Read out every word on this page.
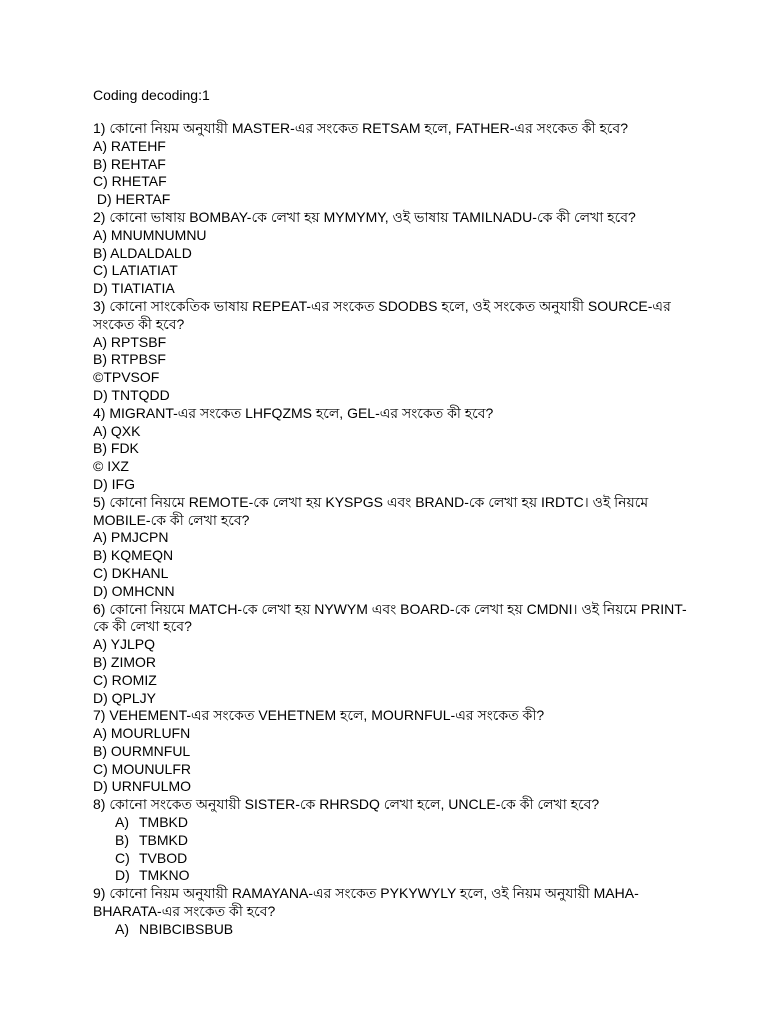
Coding decoding:1
1) কোনো নিয়ম অনুযায়ী MASTER-এর সংকেত RETSAM হলে, FATHER-এর সংকেত কী হবে?
A) RATEHF
B) REHTAF
C) RHETAF
D) HERTAF
2) কোনো ভাষায় BOMBAY-কে লেখা হয় MYMYMY, ওই ভাষায় TAMILNADU-কে কী লেখা হবে?
A) MNUMNUMNU
B) ALDALDALD
C) LATIATIAT
D) TIATIATIA
3) কোনো সাংকেতিক ভাষায় REPEAT-এর সংকেত SDODBS হলে, ওই সংকেত অনুযায়ী SOURCE-এর সংকেত কী হবে?
A) RPTSBF
B) RTPBSF
©TPVSOF
D) TNTQDD
4) MIGRANT-এর সংকেত LHFQZMS হলে, GEL-এর সংকেত কী হবে?
A) QXK
B) FDK
© IXZ
D) IFG
5) কোনো নিয়মে REMOTE-কে লেখা হয় KYSPGS এবং BRAND-কে লেখা হয় IRDTC। ওই নিয়মে MOBILE-কে কী লেখা হবে?
A) PMJCPN
B) KQMEQN
C) DKHANL
D) OMHCNN
6) কোনো নিয়মে MATCH-কে লেখা হয় NYWYM এবং BOARD-কে লেখা হয় CMDNI। ওই নিয়মে PRINT-কে কী লেখা হবে?
A) YJLPQ
B) ZIMOR
C) ROMIZ
D) QPLJY
7) VEHEMENT-এর সংকেত VEHETNEM হলে, MOURNFUL-এর সংকেত কী?
A) MOURLUFN
B) OURMNFUL
C) MOUNULFR
D) URNFULMO
8) কোনো সংকেত অনুযায়ী SISTER-কে RHRSDQ লেখা হলে, UNCLE-কে কী লেখা হবে?
A) TMBKD
B) TBMKD
C) TVBOD
D) TMKNO
9) কোনো নিয়ম অনুযায়ী RAMAYANA-এর সংকেত PYKYWYLY হলে, ওই নিয়ম অনুযায়ী MAHA-BHARATA-এর সংকেত কী হবে?
A) NBIBCIBSBUB
